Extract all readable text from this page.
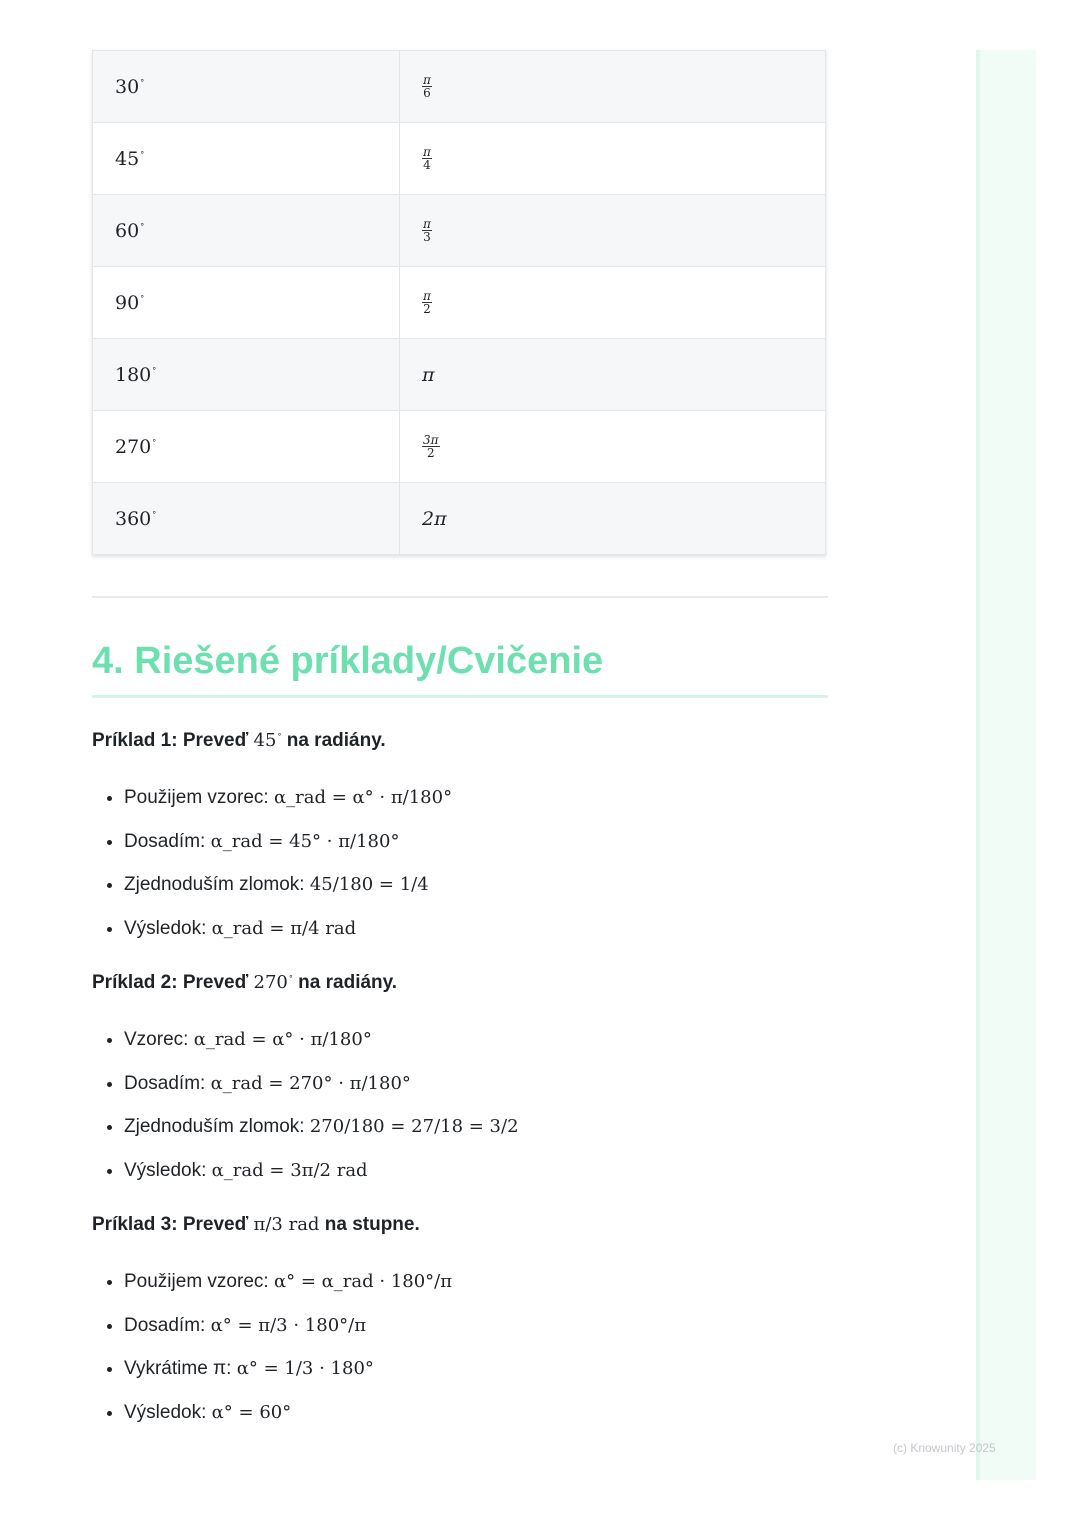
30°	$\frac{\pi}{6}$

45°	$\frac{\pi}{4}$

60°	$\frac{\pi}{3}$

90°	$\frac{\pi}{2}$

180°	π
270°	$\frac{3\pi}{2}$

360°	2π
4. Riešené príklady/Cvičenie

Príklad 1: Preveď 45° na radiány.

• Použijem vzorec: α_rad = α° · π/180°
• Dosadím: α_rad = 45° · π/180°
• Zjednoduším zlomok: 45/180 = 1/4
• Výsledok: α_rad = π/4 rad

Príklad 2: Preveď 270° na radiány.

• Vzorec: α_rad = α° · π/180°
• Dosadím: α_rad = 270° · π/180°
• Zjednoduším zlomok: 270/180 = 27/18 = 3/2
• Výsledok: α_rad = 3π/2 rad

Príklad 3: Preveď π/3 rad na stupne.

• Použijem vzorec: α° = α_rad · 180°/π
• Dosadím: α° = π/3 · 180°/π
• Vykrátime π: α° = 1/3 · 180°
• Výsledok: α° = 60°
(c) Knowunity 2025
